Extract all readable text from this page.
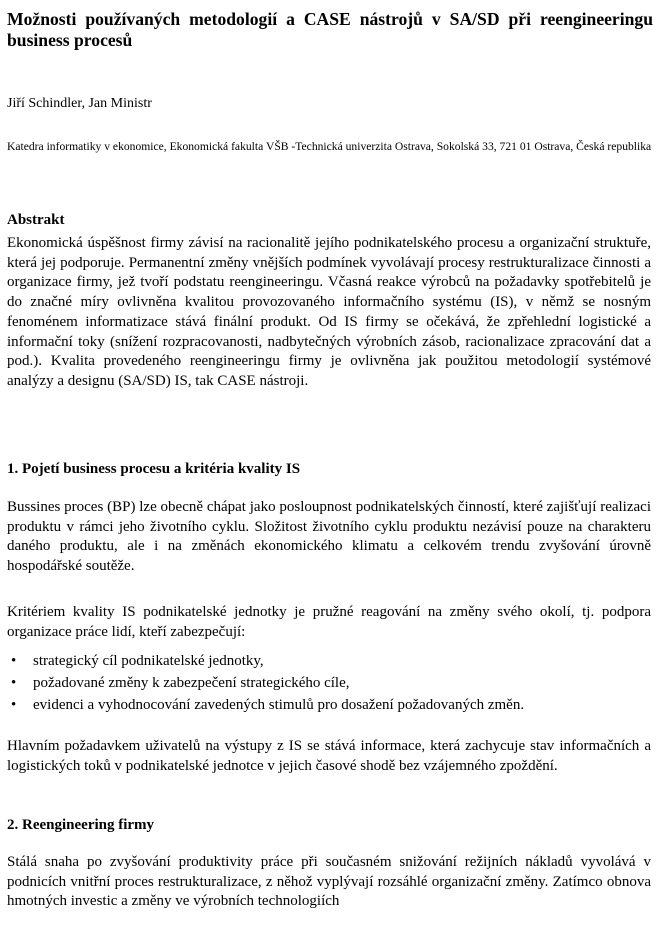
Možnosti používaných metodologií a CASE nástrojů v SA/SD při reengineeringu business procesů
Jiří Schindler, Jan Ministr
Katedra informatiky v ekonomice, Ekonomická fakulta VŠB -Technická univerzita Ostrava, Sokolská 33, 721 01 Ostrava, Česká republika
Abstrakt

Ekonomická úspěšnost firmy závisí na racionalitě jejího podnikatelského procesu a organizační struktuře, která jej podporuje. Permanentní změny vnějších podmínek vyvolávají procesy restrukturalizace činnosti a organizace firmy, jež tvoří podstatu reengineeringu. Včasná reakce výrobců na požadavky spotřebitelů je do značné míry ovlivněna kvalitou provozovaného informačního systému (IS), v němž se nosným fenoménem informatizace stává finální produkt. Od IS firmy se očekává, že zpřehlední logistické a informační toky (snížení rozpracovanosti, nadbytečných výrobních zásob, racionalizace zpracování dat a pod.). Kvalita provedeného reengineeringu firmy je ovlivněna jak použitou metodologií systémové analýzy a designu (SA/SD) IS, tak CASE nástroji.

1. Pojetí business procesu a kritéria kvality IS

Bussines proces (BP) lze obecně chápat jako posloupnost podnikatelských činností, které zajišťují realizaci produktu v rámci jeho životního cyklu. Složitost životního cyklu produktu nezávisí pouze na charakteru daného produktu, ale i na změnách ekonomického klimatu a celkovém trendu zvyšování úrovně hospodářské soutěže.

Kritériem kvality IS podnikatelské jednotky je pružné reagování na změny svého okolí, tj. podpora organizace práce lidí, kteří zabezpečují:

• strategický cíl podnikatelské jednotky,
• požadované změny k zabezpečení strategického cíle,
• evidenci a vyhodnocování zavedených stimulů pro dosažení požadovaných změn.

Hlavním požadavkem uživatelů na výstupy z IS se stává informace, která zachycuje stav informačních a logistických toků v podnikatelské jednotce v jejich časové shodě bez vzájemného zpoždění.

2. Reengineering firmy

Stálá snaha po zvyšování produktivity práce při současném snižování režijních nákladů vyvolává v podnicích vnitřní proces restrukturalizace, z něhož vyplývají rozsáhlé organizační změny. Zatímco obnova hmotných investic a změny ve výrobních technologiích
